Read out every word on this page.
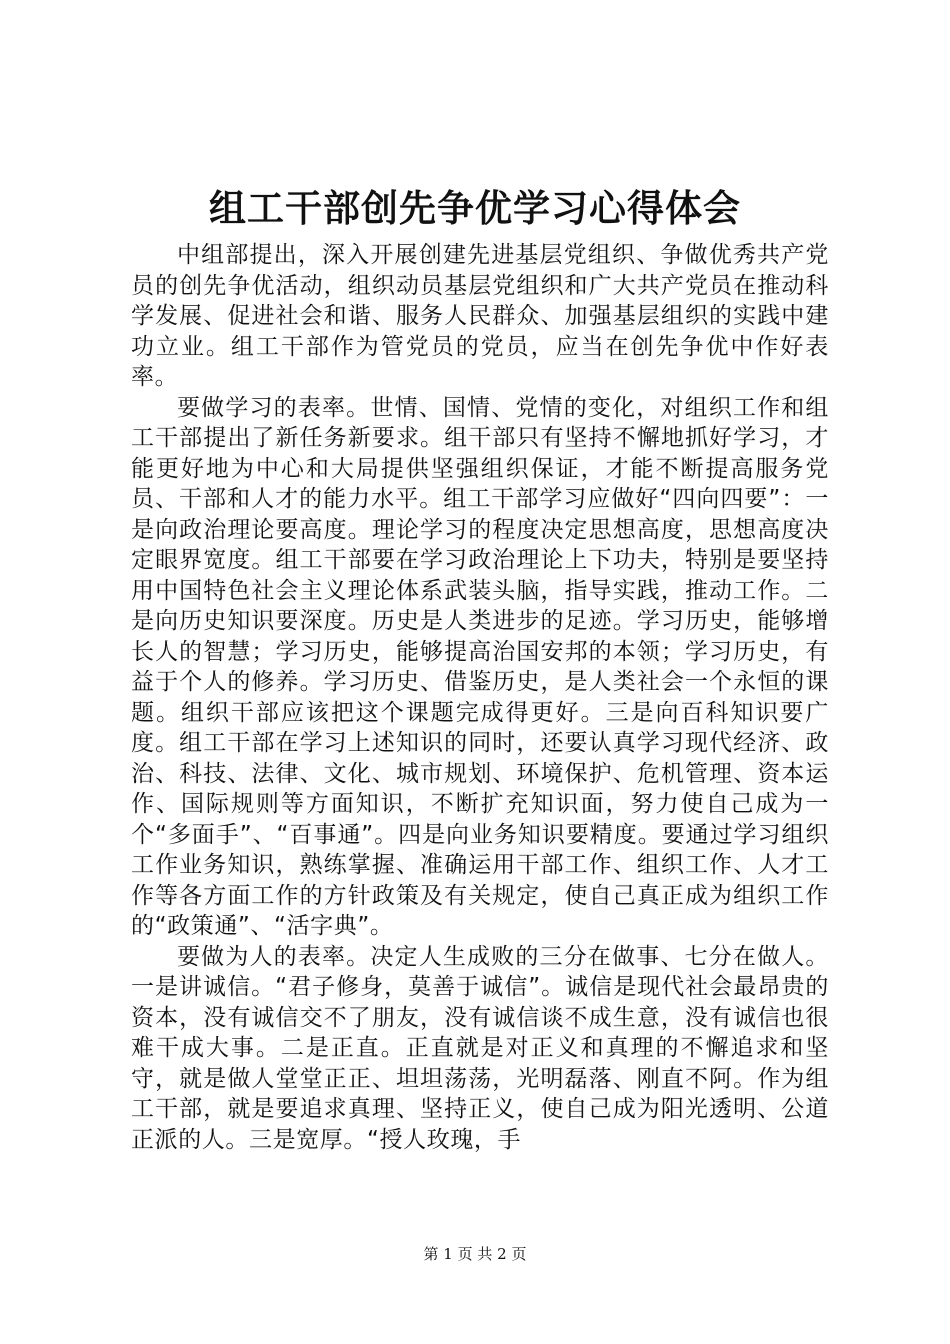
组工干部创先争优学习心得体会

中组部提出，深入开展创建先进基层党组织、争做优秀共产党员的创先争优活动，组织动员基层党组织和广大共产党员在推动科学发展、促进社会和谐、服务人民群众、加强基层组织的实践中建功立业。组工干部作为管党员的党员，应当在创先争优中作好表率。

要做学习的表率。世情、国情、党情的变化，对组织工作和组工干部提出了新任务新要求。组干部只有坚持不懈地抓好学习，才能更好地为中心和大局提供坚强组织保证，才能不断提高服务党员、干部和人才的能力水平。组工干部学习应做好“四向四要”：一是向政治理论要高度。理论学习的程度决定思想高度，思想高度决定眼界宽度。组工干部要在学习政治理论上下功夫，特别是要坚持用中国特色社会主义理论体系武装头脑，指导实践，推动工作。二是向历史知识要深度。历史是人类进步的足迹。学习历史，能够增长人的智慧；学习历史，能够提高治国安邦的本领；学习历史，有益于个人的修养。学习历史、借鉴历史，是人类社会一个永恒的课题。组织干部应该把这个课题完成得更好。三是向百科知识要广度。组工干部在学习上述知识的同时，还要认真学习现代经济、政治、科技、法律、文化、城市规划、环境保护、危机管理、资本运作、国际规则等方面知识，不断扩充知识面，努力使自己成为一个“多面手”、“百事通”。四是向业务知识要精度。要通过学习组织工作业务知识，熟练掌握、准确运用干部工作、组织工作、人才工作等各方面工作的方针政策及有关规定，使自己真正成为组织工作的“政策通”、“活字典”。

要做为人的表率。决定人生成败的三分在做事、七分在做人。一是讲诚信。“君子修身，莫善于诚信”。诚信是现代社会最昂贵的资本，没有诚信交不了朋友，没有诚信谈不成生意，没有诚信也很难干成大事。二是正直。正直就是对正义和真理的不懈追求和坚守，就是做人堂堂正正、坦坦荡荡，光明磊落、刚直不阿。作为组工干部，就是要追求真理、坚持正义，使自己成为阳光透明、公道正派的人。三是宽厚。“授人玫瑰，手

第 1 页 共 2 页
